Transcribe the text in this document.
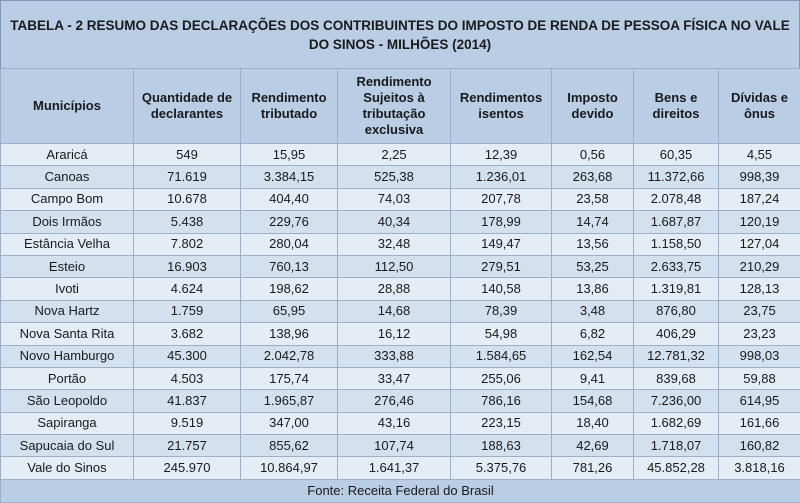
TABELA - 2 RESUMO DAS DECLARAÇÕES DOS CONTRIBUINTES DO IMPOSTO DE RENDA DE PESSOA FÍSICA NO VALE DO SINOS - MILHÕES (2014)
Municípios	Quantidade de declarantes	Rendimento tributado	Rendimento Sujeitos à tributação exclusiva	Rendimentos isentos	Imposto devido	Bens e direitos	Dívidas e ônus
Araricá	549	15,95	2,25	12,39	0,56	60,35	4,55
Canoas	71.619	3.384,15	525,38	1.236,01	263,68	11.372,66	998,39
Campo Bom	10.678	404,40	74,03	207,78	23,58	2.078,48	187,24
Dois Irmãos	5.438	229,76	40,34	178,99	14,74	1.687,87	120,19
Estância Velha	7.802	280,04	32,48	149,47	13,56	1.158,50	127,04
Esteio	16.903	760,13	112,50	279,51	53,25	2.633,75	210,29
Ivoti	4.624	198,62	28,88	140,58	13,86	1.319,81	128,13
Nova Hartz	1.759	65,95	14,68	78,39	3,48	876,80	23,75
Nova Santa Rita	3.682	138,96	16,12	54,98	6,82	406,29	23,23
Novo Hamburgo	45.300	2.042,78	333,88	1.584,65	162,54	12.781,32	998,03
Portão	4.503	175,74	33,47	255,06	9,41	839,68	59,88
São Leopoldo	41.837	1.965,87	276,46	786,16	154,68	7.236,00	614,95
Sapiranga	9.519	347,00	43,16	223,15	18,40	1.682,69	161,66
Sapucaia do Sul	21.757	855,62	107,74	188,63	42,69	1.718,07	160,82
Vale do Sinos	245.970	10.864,97	1.641,37	5.375,76	781,26	45.852,28	3.818,16
Fonte: Receita Federal do Brasil							
